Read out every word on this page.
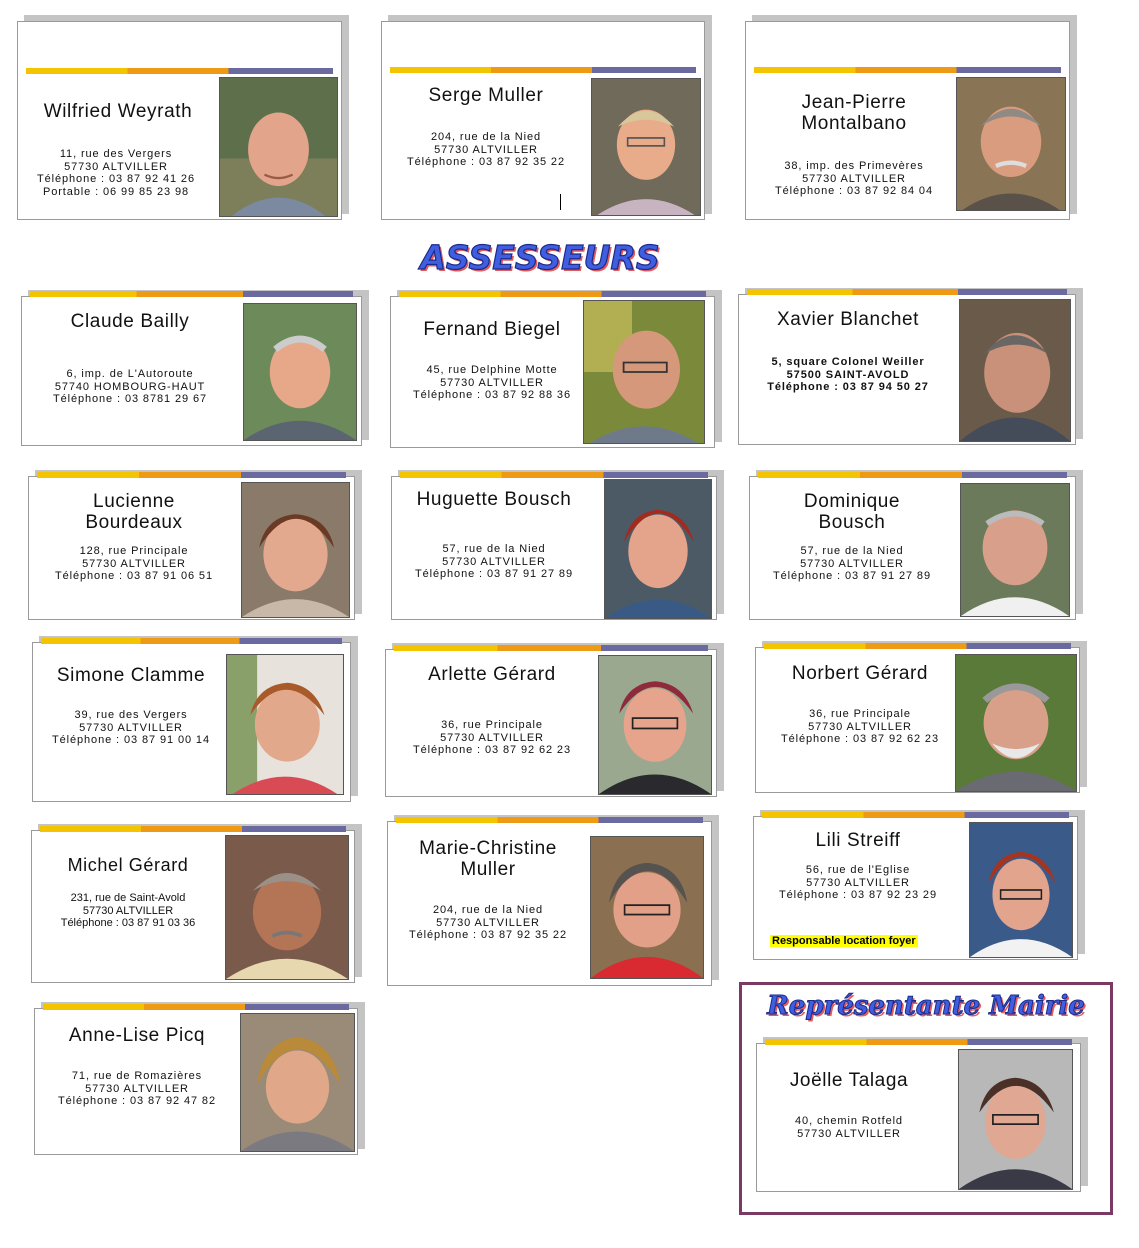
Wilfried Weyrath
11, rue des Vergers
57730 ALTVILLER
Téléphone : 03 87 92 41 26
Portable : 06 99 85 23 98
Serge Muller
204, rue de la Nied
57730 ALTVILLER
Téléphone : 03 87 92 35 22
Jean-Pierre
Montalbano
38, imp. des Primevères
57730 ALTVILLER
Téléphone : 03 87 92 84 04
ASSESSEURS
Claude Bailly
6, imp. de L'Autoroute
57740 HOMBOURG-HAUT
Téléphone : 03 8781 29 67
Fernand Biegel
45, rue Delphine Motte
57730 ALTVILLER
Téléphone : 03 87 92 88 36
Xavier Blanchet
5, square Colonel Weiller
57500 SAINT-AVOLD
Téléphone : 03 87 94 50 27
Lucienne
Bourdeaux
128, rue Principale
57730 ALTVILLER
Téléphone : 03 87 91 06 51
Huguette Bousch
57, rue de la Nied
57730 ALTVILLER
Téléphone : 03 87 91 27 89
Dominique
Bousch
57, rue de la Nied
57730 ALTVILLER
Téléphone : 03 87 91 27 89
Simone Clamme
39, rue des Vergers
57730 ALTVILLER
Téléphone : 03 87 91 00 14
Arlette Gérard
36, rue Principale
57730 ALTVILLER
Téléphone : 03 87 92 62 23
Norbert Gérard
36, rue Principale
57730 ALTVILLER
Téléphone : 03 87 92 62 23
Michel Gérard
231, rue de Saint-Avold
57730 ALTVILLER
Téléphone : 03 87 91 03 36
Marie-Christine
Muller
204, rue de la Nied
57730 ALTVILLER
Téléphone : 03 87 92 35 22
Lili Streiff
56, rue de l'Eglise
57730 ALTVILLER
Téléphone : 03 87 92 23 29
Responsable location foyer
Anne-Lise Picq
71, rue de Romazières
57730 ALTVILLER
Téléphone : 03 87 92 47 82
Représentante Mairie
Joëlle Talaga
40, chemin Rotfeld
57730 ALTVILLER
